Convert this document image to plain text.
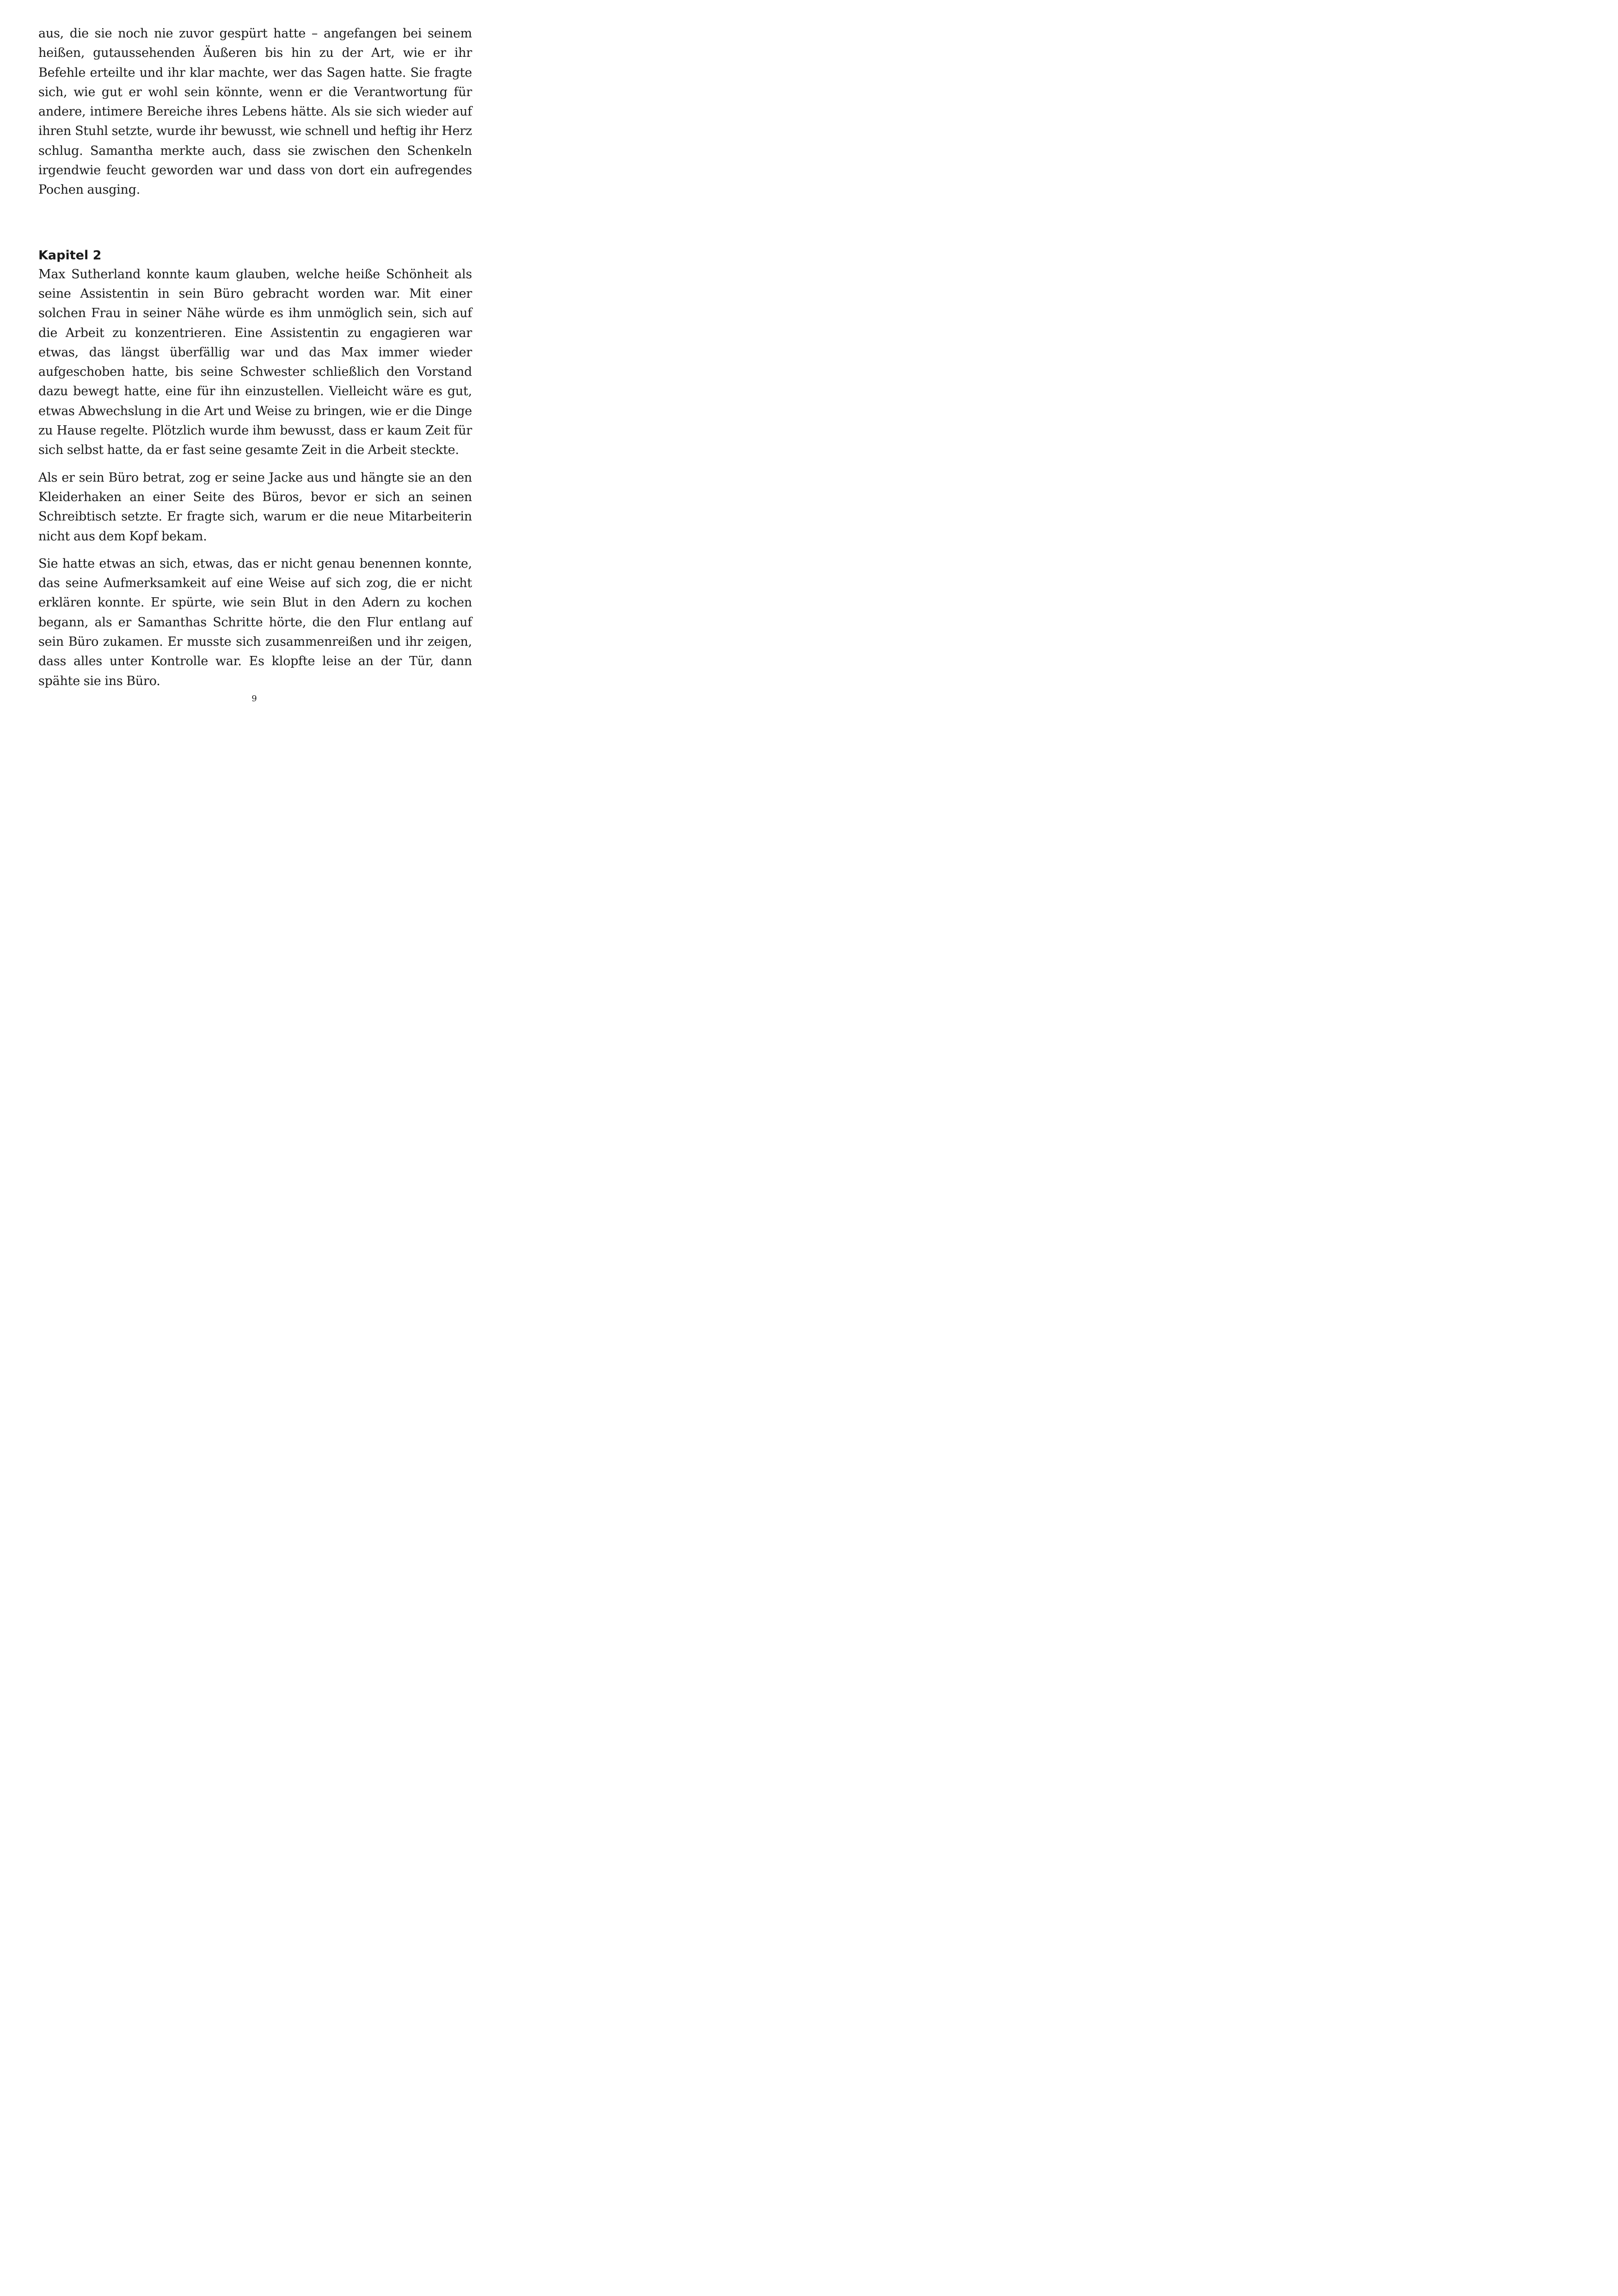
aus, die sie noch nie zuvor gespürt hatte – angefangen bei seinem heißen, gutaussehenden Äußeren bis hin zu der Art, wie er ihr Befehle erteilte und ihr klar machte, wer das Sagen hatte. Sie fragte sich, wie gut er wohl sein könnte, wenn er die Verantwortung für andere, intimere Bereiche ihres Lebens hätte. Als sie sich wieder auf ihren Stuhl setzte, wurde ihr bewusst, wie schnell und heftig ihr Herz schlug. Samantha merkte auch, dass sie zwischen den Schenkeln irgendwie feucht geworden war und dass von dort ein aufregendes Pochen ausging.

Kapitel 2

Max Sutherland konnte kaum glauben, welche heiße Schönheit als seine Assistentin in sein Büro gebracht worden war. Mit einer solchen Frau in seiner Nähe würde es ihm unmöglich sein, sich auf die Arbeit zu konzentrieren. Eine Assistentin zu engagieren war etwas, das längst überfällig war und das Max immer wieder aufgeschoben hatte, bis seine Schwester schließlich den Vorstand dazu bewegt hatte, eine für ihn einzustellen. Vielleicht wäre es gut, etwas Abwechslung in die Art und Weise zu bringen, wie er die Dinge zu Hause regelte. Plötzlich wurde ihm bewusst, dass er kaum Zeit für sich selbst hatte, da er fast seine gesamte Zeit in die Arbeit steckte.

Als er sein Büro betrat, zog er seine Jacke aus und hängte sie an den Kleiderhaken an einer Seite des Büros, bevor er sich an seinen Schreibtisch setzte. Er fragte sich, warum er die neue Mitarbeiterin nicht aus dem Kopf bekam.

Sie hatte etwas an sich, etwas, das er nicht genau benennen konnte, das seine Aufmerksamkeit auf eine Weise auf sich zog, die er nicht erklären konnte. Er spürte, wie sein Blut in den Adern zu kochen begann, als er Samanthas Schritte hörte, die den Flur entlang auf sein Büro zukamen. Er musste sich zusammenreißen und ihr zeigen, dass alles unter Kontrolle war. Es klopfte leise an der Tür, dann spähte sie ins Büro.

9
